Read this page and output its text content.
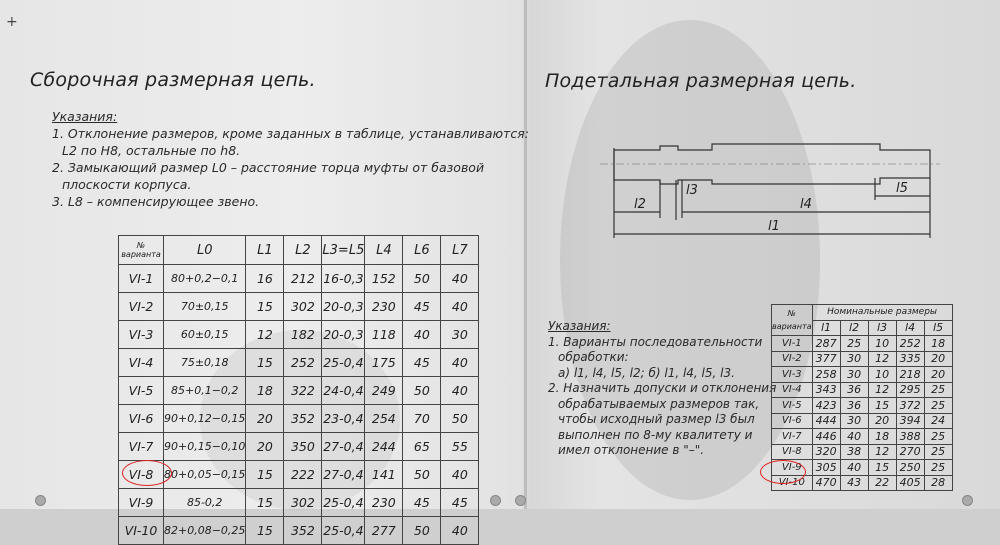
+
Сборочная размерная цепь.
Указания:
1. Отклонение размеров, кроме заданных в таблице, устанавливаются:
L2 по H8, остальные по h8.
2. Замыкающий размер L0 – расстояние торца муфты от базовой
плоскости корпуса.
3. L8 – компенсирующее звено.
№ варианта	L0	L1	L2	L3=L5	L4	L6	L7
VI-1	80+0,2−0,1	16	212	16-0,3	152	50	40
VI-2	70±0,15	15	302	20-0,3	230	45	40
VI-3	60±0,15	12	182	20-0,3	118	40	30
VI-4	75±0,18	15	252	25-0,4	175	45	40
VI-5	85+0,1−0,2	18	322	24-0,4	249	50	40
VI-6	90+0,12−0,15	20	352	23-0,4	254	70	50
VI-7	90+0,15−0,10	20	350	27-0,4	244	65	55
VI-8	80+0,05−0,15	15	222	27-0,4	141	50	40
VI-9	85-0,2	15	302	25-0,4	230	45	45
VI-10	82+0,08−0,25	15	352	25-0,4	277	50	40
Подетальная размерная цепь.
l2
l3
l4
l5
l1
Указания:
1. Варианты последовательности
обработки:
а) l1, l4, l5, l2; б) l1, l4, l5, l3.
2. Назначить допуски и отклонения
обрабатываемых размеров так,
чтобы исходный размер l3 был
выполнен по 8-му квалитету и
имел отклонение в "–".
№ варианта	Номинальные размеры				
	l1	l2	l3	l4	l5
VI-1	287	25	10	252	18
VI-2	377	30	12	335	20
VI-3	258	30	10	218	20
VI-4	343	36	12	295	25
VI-5	423	36	15	372	25
VI-6	444	30	20	394	24
VI-7	446	40	18	388	25
VI-8	320	38	12	270	25
VI-9	305	40	15	250	25
VI-10	470	43	22	405	28
